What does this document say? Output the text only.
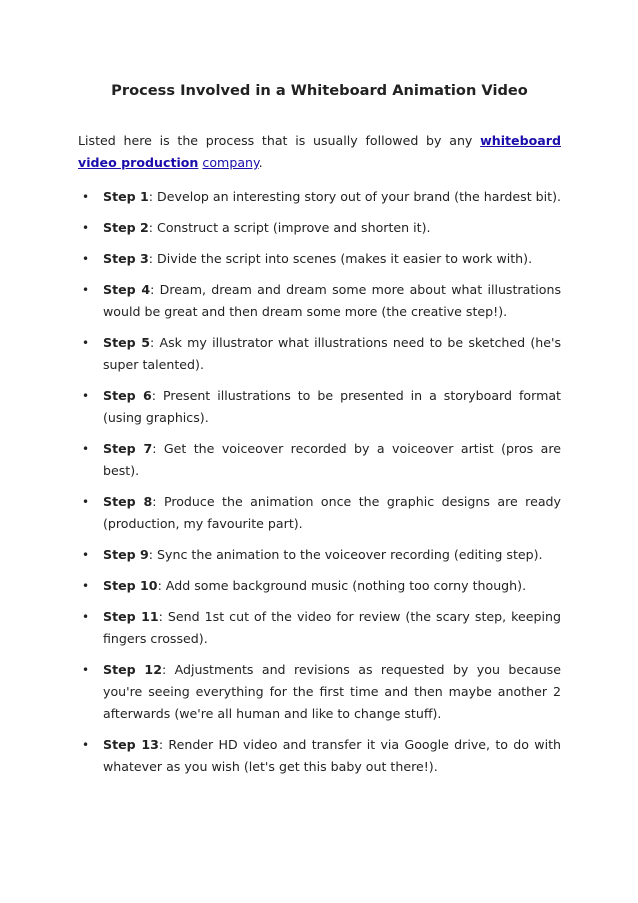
Process Involved in a Whiteboard Animation Video

Listed here is the process that is usually followed by any whiteboard video production company.

• Step 1: Develop an interesting story out of your brand (the hardest bit).
• Step 2: Construct a script (improve and shorten it).
• Step 3: Divide the script into scenes (makes it easier to work with).
• Step 4: Dream, dream and dream some more about what illustrations would be great and then dream some more (the creative step!).
• Step 5: Ask my illustrator what illustrations need to be sketched (he's super talented).
• Step 6: Present illustrations to be presented in a storyboard format (using graphics).
• Step 7: Get the voiceover recorded by a voiceover artist (pros are best).
• Step 8: Produce the animation once the graphic designs are ready (production, my favourite part).
• Step 9: Sync the animation to the voiceover recording (editing step).
• Step 10: Add some background music (nothing too corny though).
• Step 11: Send 1st cut of the video for review (the scary step, keeping fingers crossed).
• Step 12: Adjustments and revisions as requested by you because you're seeing everything for the first time and then maybe another 2 afterwards (we're all human and like to change stuff).
• Step 13: Render HD video and transfer it via Google drive, to do with whatever as you wish (let's get this baby out there!).
